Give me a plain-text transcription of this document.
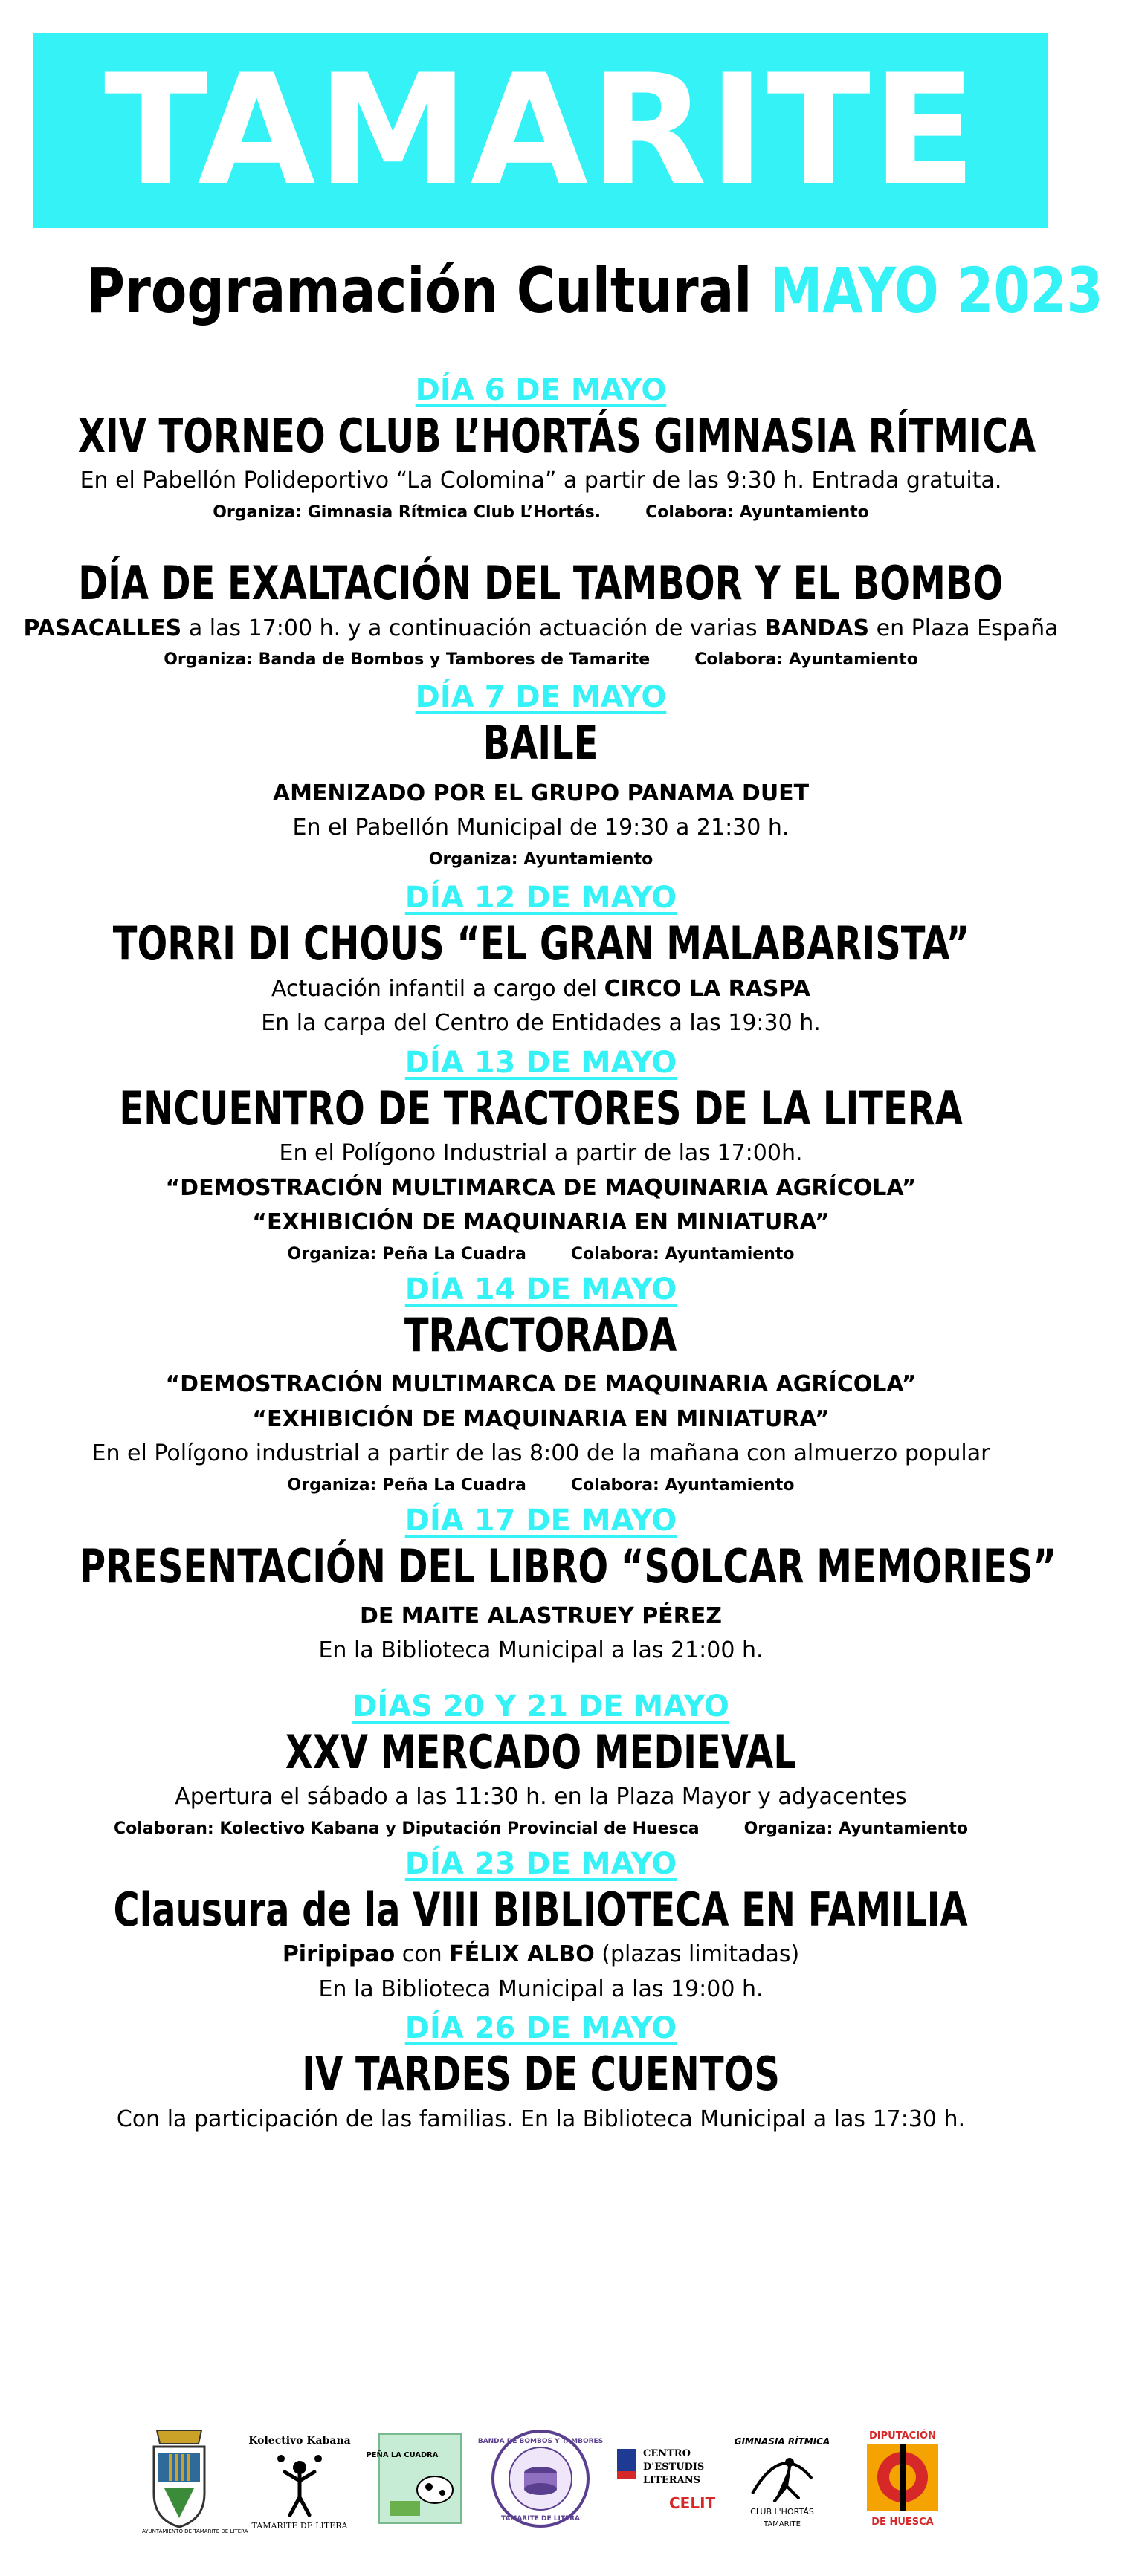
TAMARITE
Programación Cultural MAYO 2023
DÍA 6 DE MAYO
XIV TORNEO CLUB L’HORTÁS GIMNASIA RÍTMICA
En el Pabellón Polideportivo “La Colomina” a partir de las 9:30 h. Entrada gratuita.
Organiza: Gimnasia Rítmica Club L’Hortás.	Colabora: Ayuntamiento
DÍA DE EXALTACIÓN DEL TAMBOR Y EL BOMBO
PASACALLES a las 17:00 h. y a continuación actuación de varias BANDAS en Plaza España
Organiza: Banda de Bombos y Tambores de Tamarite	Colabora: Ayuntamiento
DÍA 7 DE MAYO
BAILE
AMENIZADO POR EL GRUPO PANAMA DUET
En el Pabellón Municipal de 19:30 a 21:30 h.
Organiza: Ayuntamiento
DÍA 12 DE MAYO
TORRI DI CHOUS “EL GRAN MALABARISTA”
Actuación infantil a cargo del CIRCO LA RASPA
En la carpa del Centro de Entidades a las 19:30 h.
DÍA 13 DE MAYO
ENCUENTRO DE TRACTORES DE LA LITERA
En el Polígono Industrial a partir de las 17:00h.
“DEMOSTRACIÓN MULTIMARCA DE MAQUINARIA AGRÍCOLA”
“EXHIBICIÓN DE MAQUINARIA EN MINIATURA”
Organiza: Peña La Cuadra	Colabora: Ayuntamiento
DÍA 14 DE MAYO
TRACTORADA
“DEMOSTRACIÓN MULTIMARCA DE MAQUINARIA AGRÍCOLA”
“EXHIBICIÓN DE MAQUINARIA EN MINIATURA”
En el Polígono industrial a partir de las 8:00 de la mañana con almuerzo popular
Organiza: Peña La Cuadra	Colabora: Ayuntamiento
DÍA 17 DE MAYO
PRESENTACIÓN DEL LIBRO “SOLCAR MEMORIES”
DE MAITE ALASTRUEY PÉREZ
En la Biblioteca Municipal a las 21:00 h.
DÍAS 20 Y 21 DE MAYO
XXV MERCADO MEDIEVAL
Apertura el sábado a las 11:30 h. en la Plaza Mayor y adyacentes
Colaboran: Kolectivo Kabana y Diputación Provincial de Huesca	Organiza: Ayuntamiento
DÍA 23 DE MAYO
Clausura de la VIII BIBLIOTECA EN FAMILIA
Piripipao con FÉLIX ALBO (plazas limitadas)
En la Biblioteca Municipal a las 19:00 h.
DÍA 26 DE MAYO
IV TARDES DE CUENTOS
Con la participación de las familias. En la Biblioteca Municipal a las 17:30 h.
AYUNTAMIENTO DE TAMARITE DE LITERA
Kolectivo Kabana
TAMARITE DE LITERA
PEÑA LA CUADRA
BANDA DE BOMBOS Y TAMBORES
TAMARITE DE LITERA
CENTRO
D'ESTUDIS
LITERANS
CELIT
GIMNASIA RÍTMICA
CLUB L'HORTÁS
TAMARITE
DIPUTACIÓN
DE HUESCA
